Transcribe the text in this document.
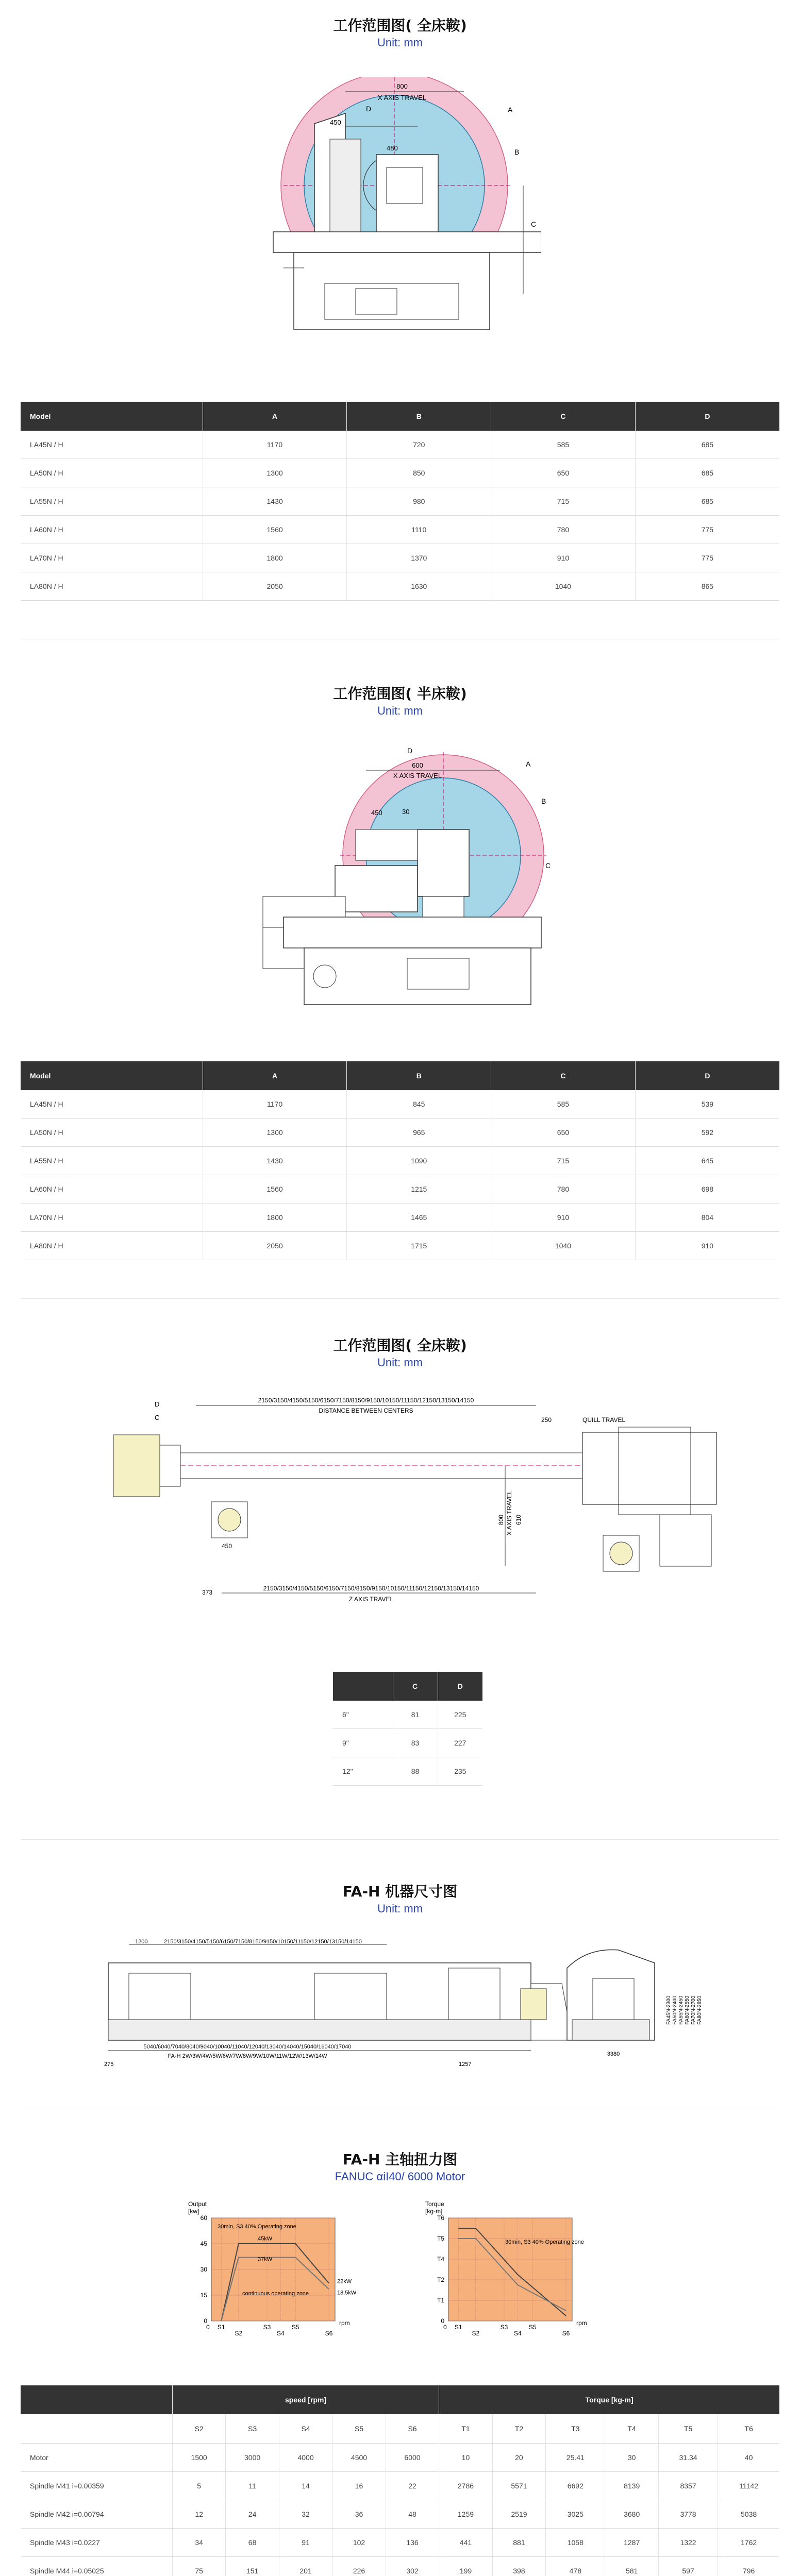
工作范围图( 全床鞍)
Unit: mm
800
X AXIS TRAVEL
450
480
D	A
B
C
Model	A	B	C	D
LA45N / H	1170	720	585	685
LA50N / H	1300	850	650	685
LA55N / H	1430	980	715	685
LA60N / H	1560	1110	780	775
LA70N / H	1800	1370	910	775
LA80N / H	2050	1630	1040	865
工作范围图( 半床鞍)
Unit: mm
600
X AXIS TRAVEL
450	30
D
A
B
C
Model	A	B	C	D
LA45N / H	1170	845	585	539
LA50N / H	1300	965	650	592
LA55N / H	1430	1090	715	645
LA60N / H	1560	1215	780	698
LA70N / H	1800	1465	910	804
LA80N / H	2050	1715	1040	910
工作范围图( 全床鞍)
Unit: mm
2150/3150/4150/5150/6150/7150/8150/9150/10150/11150/12150/13150/14150
DISTANCE BETWEEN CENTERS
250	QUILL TRAVEL
D
C
450
373
800 610
X AXIS TRAVEL
2150/3150/4150/5150/6150/7150/8150/9150/10150/11150/12150/13150/14150
Z AXIS TRAVEL
	C	D
6"	81	225
9"	83	227
12"	88	235
FA-H 机器尺寸图
Unit: mm
1200	2150/3150/4150/5150/6150/7150/8150/9150/10150/11150/12150/13150/14150
5040/6040/7040/8040/9040/10040/11040/12040/13040/14040/15040/16040/17040
FA-H 2W/3W/4W/5W/6W/7W/8W/9W/10W/11W/12W/13W/14W
275	1257
3380
FA45N-2300 FA50N-2400 FA55N-2450 FA60N-2550 FA70N-2700 FA80N-2850
FA-H 主轴扭力图
FANUC αiI40/ 6000 Motor
Output
[kw]
0
15
30
45
60
S1
S2
S3
S4
S5
S6
0
rpm
30min, S3 40% Operating zone
45kW
37kW
continuous operating zone
22kW
18.5kW
Torque
[kg-m]
0
T1
T2
T4
T5
T6
S1
S2
S3
S4
S5
S6
0
rpm
30min, S3 40% Operating zone
	speed [rpm]					Torque [kg-m]					
	S2	S3	S4	S5	S6	T1	T2	T3	T4	T5	T6
Motor	1500	3000	4000	4500	6000	10	20	25.41	30	31.34	40
Spindle M41 i=0.00359	5	11	14	16	22	2786	5571	6692	8139	8357	11142
Spindle M42 i=0.00794	12	24	32	36	48	1259	2519	3025	3680	3778	5038
Spindle M43 i=0.0227	34	68	91	102	136	441	881	1058	1287	1322	1762
Spindle M44 i=0.05025	75	151	201	226	302	199	398	478	581	597	796
